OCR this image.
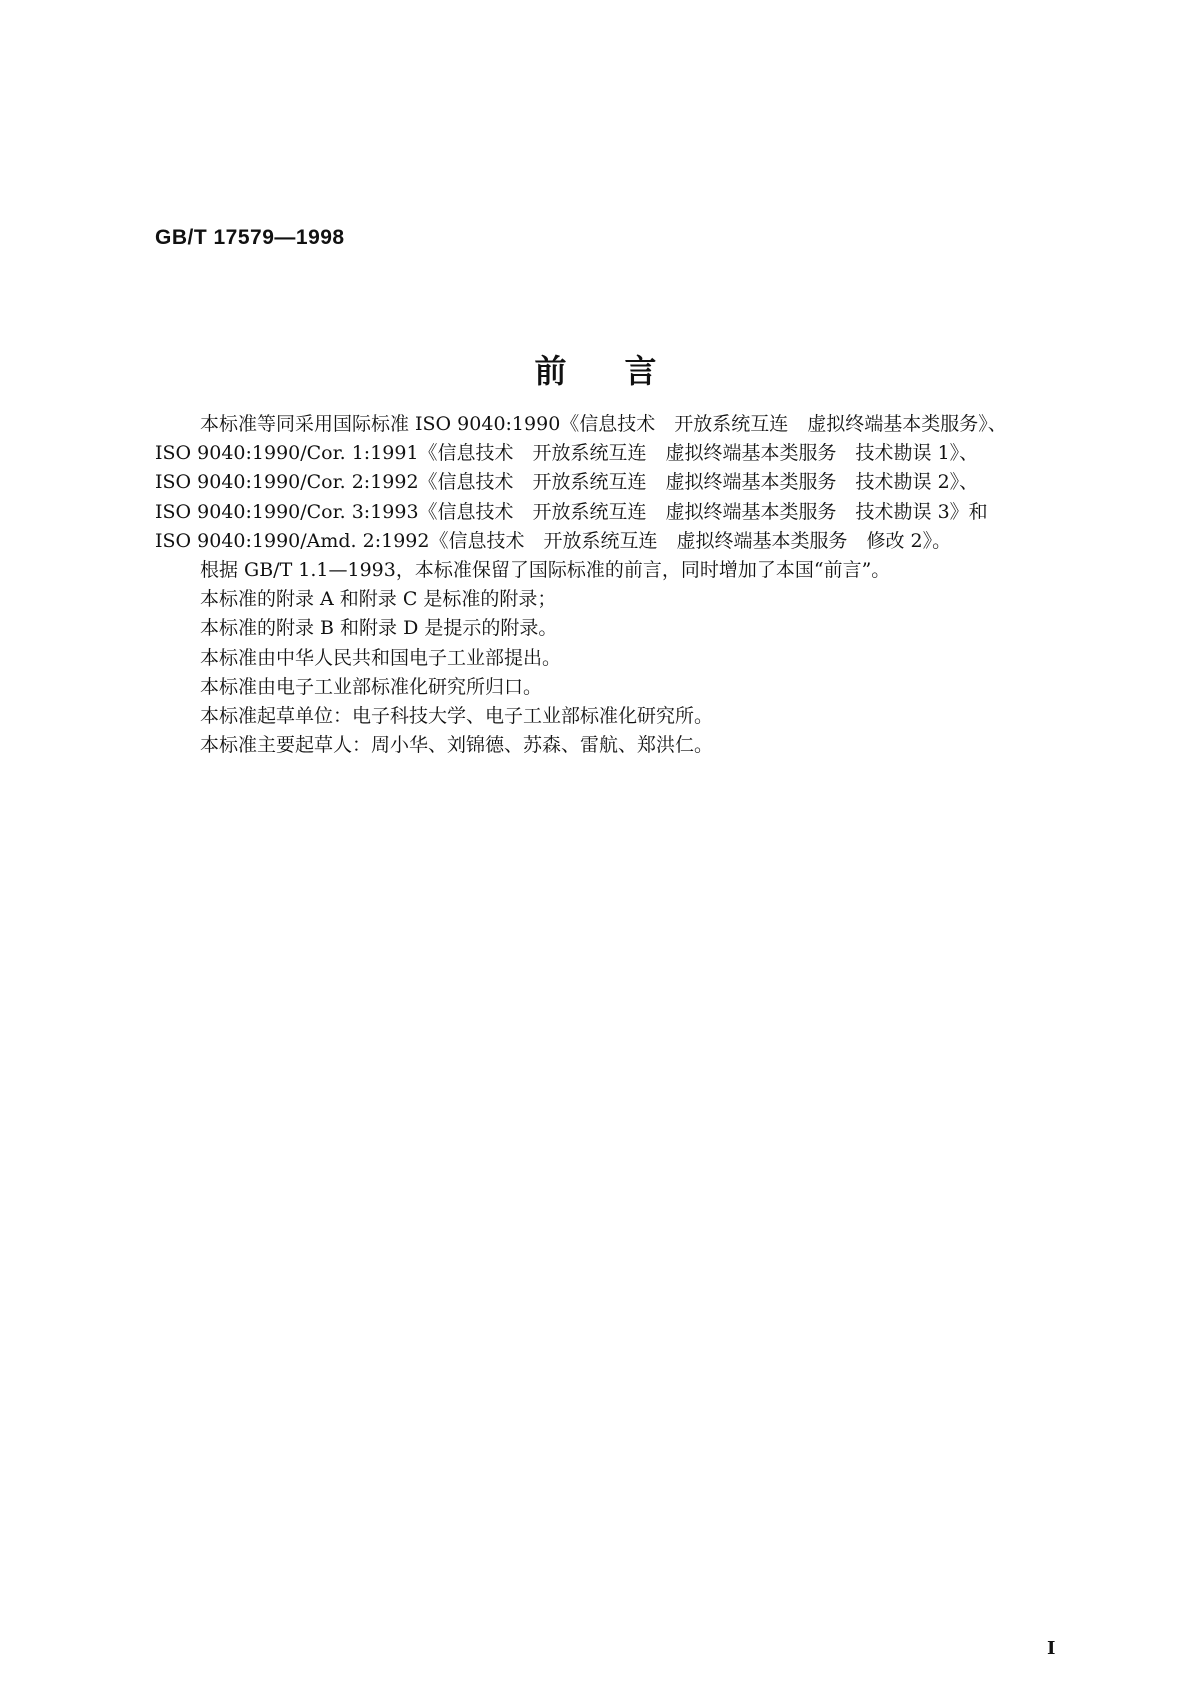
GB/T 17579—1998
前言
本标准等同采用国际标准 ISO 9040:1990《信息技术　开放系统互连　虚拟终端基本类服务》、
ISO 9040:1990/Cor. 1:1991《信息技术　开放系统互连　虚拟终端基本类服务　技术勘误 1》、
ISO 9040:1990/Cor. 2:1992《信息技术　开放系统互连　虚拟终端基本类服务　技术勘误 2》、
ISO 9040:1990/Cor. 3:1993《信息技术　开放系统互连　虚拟终端基本类服务　技术勘误 3》和
ISO 9040:1990/Amd. 2:1992《信息技术　开放系统互连　虚拟终端基本类服务　修改 2》。
根据 GB/T 1.1—1993，本标准保留了国际标准的前言，同时增加了本国“前言”。
本标准的附录 A 和附录 C 是标准的附录；
本标准的附录 B 和附录 D 是提示的附录。
本标准由中华人民共和国电子工业部提出。
本标准由电子工业部标准化研究所归口。
本标准起草单位：电子科技大学、电子工业部标准化研究所。
本标准主要起草人：周小华、刘锦德、苏森、雷航、郑洪仁。
I
